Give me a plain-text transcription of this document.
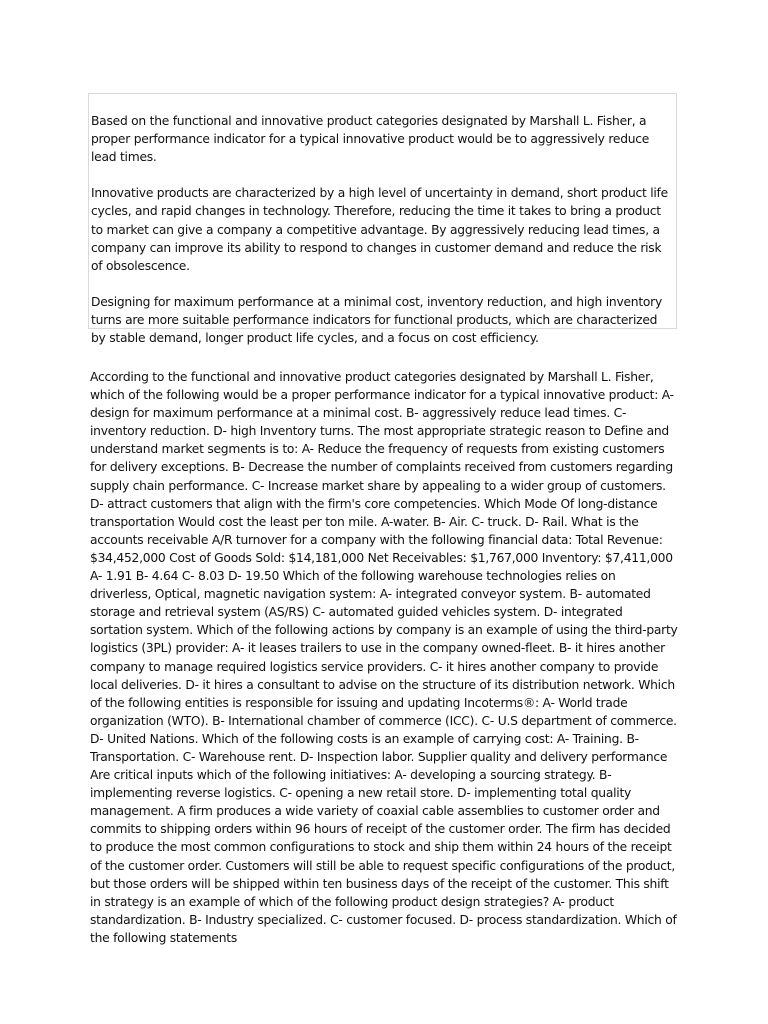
Based on the functional and innovative product categories designated by Marshall L. Fisher, a proper performance indicator for a typical innovative product would be to aggressively reduce lead times.

Innovative products are characterized by a high level of uncertainty in demand, short product life cycles, and rapid changes in technology. Therefore, reducing the time it takes to bring a product to market can give a company a competitive advantage. By aggressively reducing lead times, a company can improve its ability to respond to changes in customer demand and reduce the risk of obsolescence.

Designing for maximum performance at a minimal cost, inventory reduction, and high inventory turns are more suitable performance indicators for functional products, which are characterized by stable demand, longer product life cycles, and a focus on cost efficiency.

According to the functional and innovative product categories designated by Marshall L. Fisher, which of the following would be a proper performance indicator for a typical innovative product: A- design for maximum performance at a minimal cost. B- aggressively reduce lead times. C- inventory reduction. D- high Inventory turns. The most appropriate strategic reason to Define and understand market segments is to: A- Reduce the frequency of requests from existing customers for delivery exceptions. B- Decrease the number of complaints received from customers regarding supply chain performance. C- Increase market share by appealing to a wider group of customers. D- attract customers that align with the firm's core competencies. Which Mode Of long-distance transportation Would cost the least per ton mile. A-water. B- Air. C- truck. D- Rail. What is the accounts receivable A/R turnover for a company with the following financial data: Total Revenue: $34,452,000 Cost of Goods Sold: $14,181,000 Net Receivables: $1,767,000 Inventory: $7,411,000 A- 1.91 B- 4.64 C- 8.03 D- 19.50 Which of the following warehouse technologies relies on driverless, Optical, magnetic navigation system: A- integrated conveyor system. B- automated storage and retrieval system (AS/RS) C- automated guided vehicles system. D- integrated sortation system. Which of the following actions by company is an example of using the third-party logistics (3PL) provider: A- it leases trailers to use in the company owned-fleet. B- it hires another company to manage required logistics service providers. C- it hires another company to provide local deliveries. D- it hires a consultant to advise on the structure of its distribution network. Which of the following entities is responsible for issuing and updating Incoterms®: A- World trade organization (WTO). B- International chamber of commerce (ICC). C- U.S department of commerce. D- United Nations. Which of the following costs is an example of carrying cost: A- Training. B- Transportation. C- Warehouse rent. D- Inspection labor. Supplier quality and delivery performance Are critical inputs which of the following initiatives: A- developing a sourcing strategy. B- implementing reverse logistics. C- opening a new retail store. D- implementing total quality management. A firm produces a wide variety of coaxial cable assemblies to customer order and commits to shipping orders within 96 hours of receipt of the customer order. The firm has decided to produce the most common configurations to stock and ship them within 24 hours of the receipt of the customer order. Customers will still be able to request specific configurations of the product, but those orders will be shipped within ten business days of the receipt of the customer. This shift in strategy is an example of which of the following product design strategies? A- product standardization. B- Industry specialized. C- customer focused. D- process standardization. Which of the following statements
